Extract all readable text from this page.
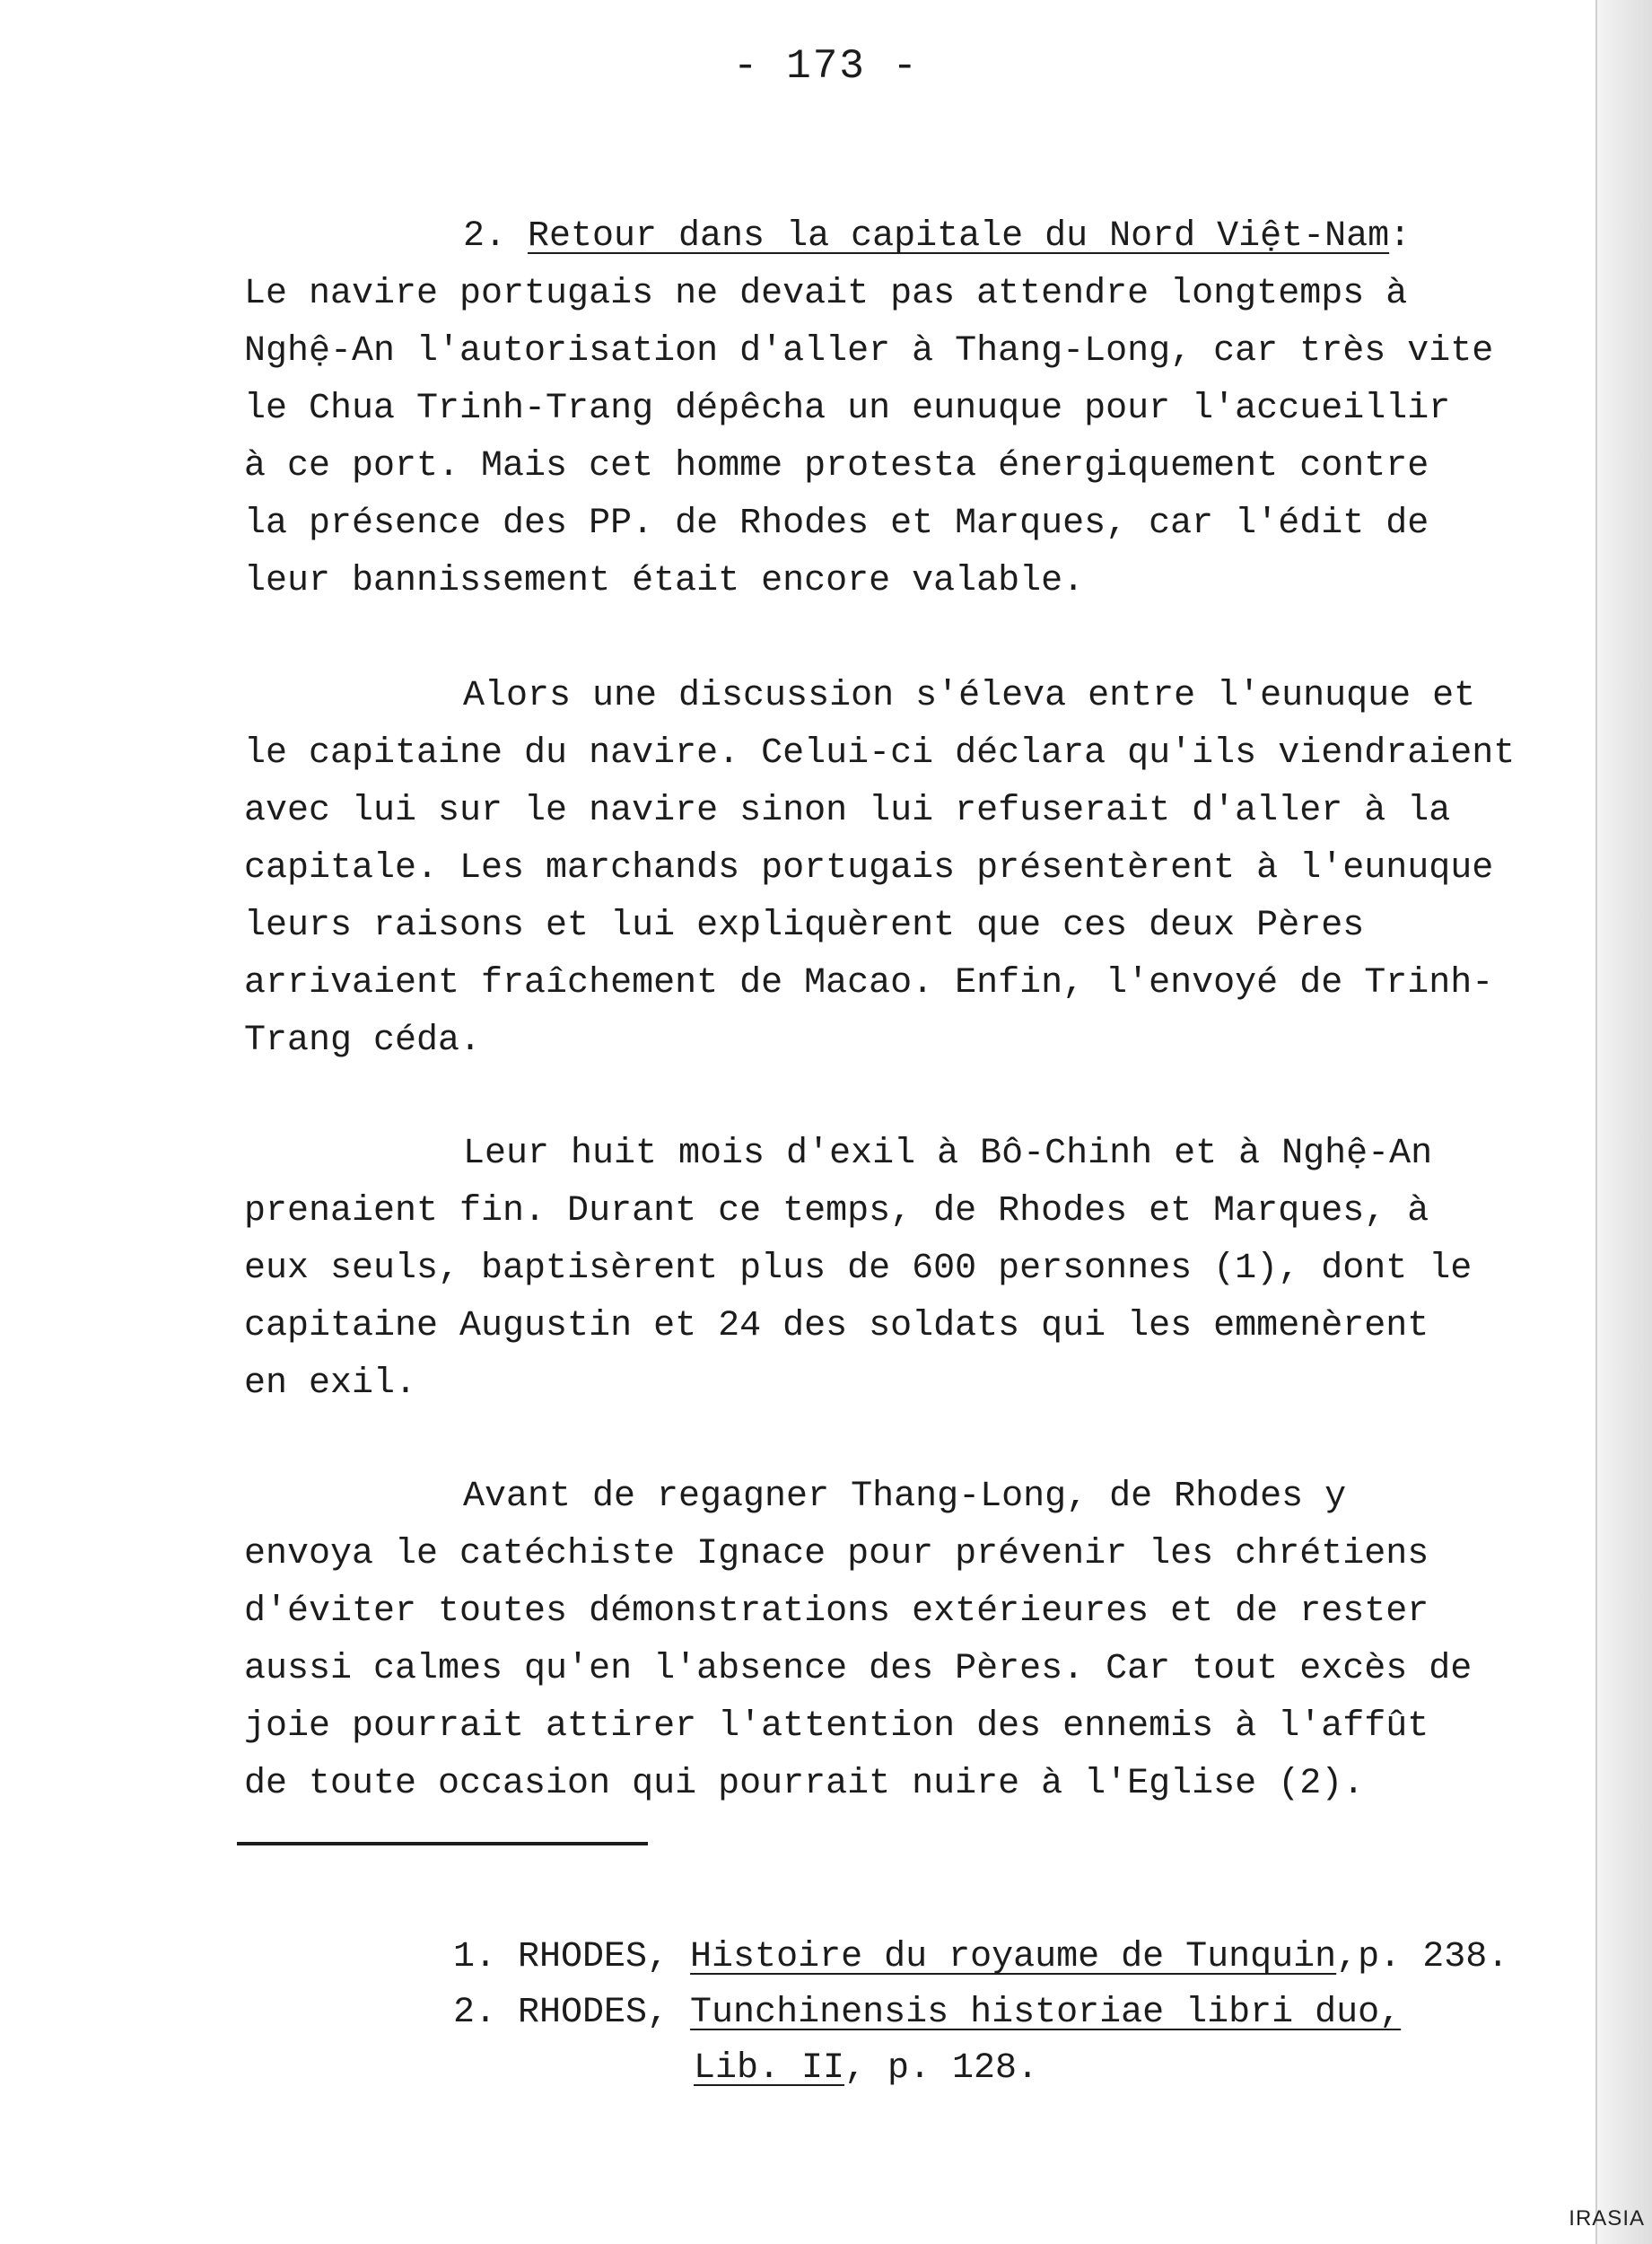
- 173 -
2. Retour dans la capitale du Nord Việt-Nam:
Le navire portugais ne devait pas attendre longtemps à
Nghệ-An l'autorisation d'aller à Thang-Long, car très vite
le Chua Trinh-Trang dépêcha un eunuque pour l'accueillir
à ce port. Mais cet homme protesta énergiquement contre
la présence des PP. de Rhodes et Marques, car l'édit de
leur bannissement était encore valable.
Alors une discussion s'éleva entre l'eunuque et
le capitaine du navire. Celui-ci déclara qu'ils viendraient
avec lui sur le navire sinon lui refuserait d'aller à la
capitale. Les marchands portugais présentèrent à l'eunuque
leurs raisons et lui expliquèrent que ces deux Pères
arrivaient fraîchement de Macao. Enfin, l'envoyé de Trinh-
Trang céda.
Leur huit mois d'exil à Bô-Chinh et à Nghệ-An
prenaient fin. Durant ce temps, de Rhodes et Marques, à
eux seuls, baptisèrent plus de 600 personnes (1), dont le
capitaine Augustin et 24 des soldats qui les emmenèrent
en exil.
Avant de regagner Thang-Long, de Rhodes y
envoya le catéchiste Ignace pour prévenir les chrétiens
d'éviter toutes démonstrations extérieures et de rester
aussi calmes qu'en l'absence des Pères. Car tout excès de
joie pourrait attirer l'attention des ennemis à l'affût
de toute occasion qui pourrait nuire à l'Eglise (2).
1. RHODES, Histoire du royaume de Tunquin,p. 238.
2. RHODES, Tunchinensis historiae libri duo,
Lib. II, p. 128.
IRASIA
